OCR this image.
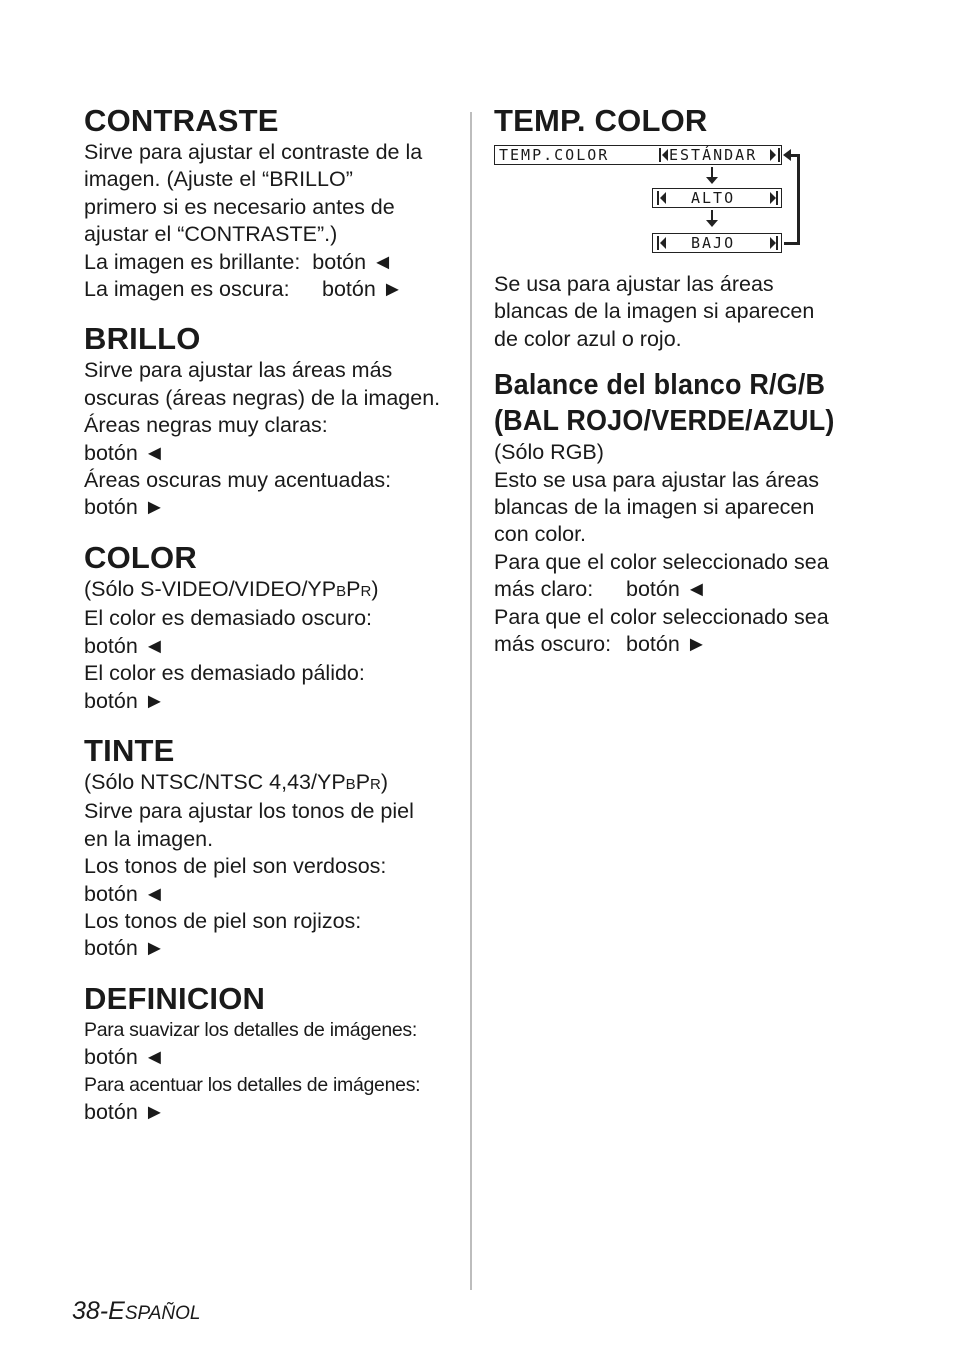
CONTRASTE

Sirve para ajustar el contraste de la

imagen. (Ajuste el “BRILLO”

primero si es necesario antes de

ajustar el “CONTRASTE”.)

La imagen es brillante: botón ◄

La imagen es oscura: botón ►

BRILLO

Sirve para ajustar las áreas más

oscuras (áreas negras) de la imagen.

Áreas negras muy claras:

botón ◄

Áreas oscuras muy acentuadas:

botón ►

COLOR

(Sólo S-VIDEO/VIDEO/YPBPR)

El color es demasiado oscuro:

botón ◄

El color es demasiado pálido:

botón ►

TINTE

(Sólo NTSC/NTSC 4,43/YPBPR)

Sirve para ajustar los tonos de piel

en la imagen.

Los tonos de piel son verdosos:

botón ◄

Los tonos de piel son rojizos:

botón ►

DEFINICION

Para suavizar los detalles de imágenes:

botón ◄

Para acentuar los detalles de imágenes:

botón ►

TEMP. COLOR
TEMP.COLOR	ESTÁNDAR
ALTO
BAJO

Se usa para ajustar las áreas

blancas de la imagen si aparecen

de color azul o rojo.

Balance del blanco R/G/B
(BAL ROJO/VERDE/AZUL)

(Sólo RGB)

Esto se usa para ajustar las áreas

blancas de la imagen si aparecen

con color.

Para que el color seleccionado sea

más claro: botón ◄

Para que el color seleccionado sea

más oscuro: botón ►

38-ESPAÑOL
